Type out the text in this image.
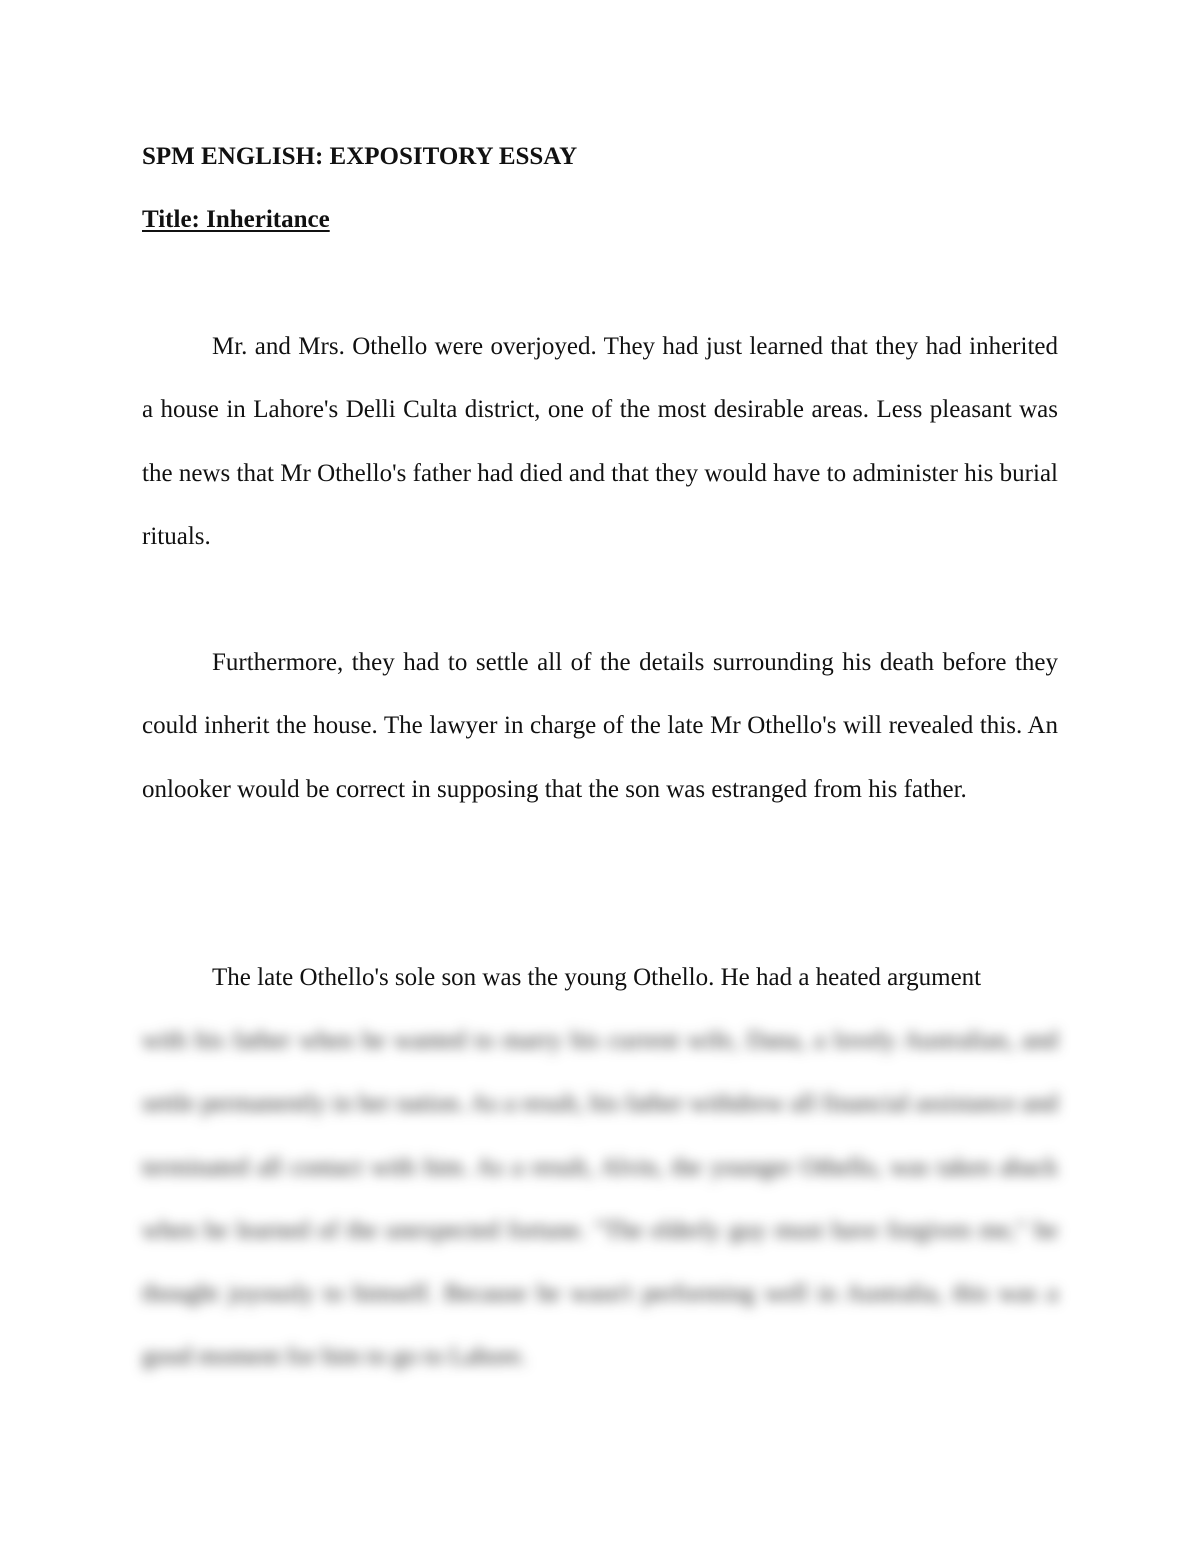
SPM ENGLISH: EXPOSITORY ESSAY
Title: Inheritance

Mr. and Mrs. Othello were overjoyed. They had just learned that they had inherited a house in Lahore's Delli Culta district, one of the most desirable areas. Less pleasant was the news that Mr Othello's father had died and that they would have to administer his burial rituals.

Furthermore, they had to settle all of the details surrounding his death before they could inherit the house. The lawyer in charge of the late Mr Othello's will revealed this. An onlooker would be correct in supposing that the son was estranged from his father.

The late Othello's sole son was the young Othello. He had a heated argument

with his father when he wanted to marry his current wife, Dana, a lovely Australian, and settle permanently in her nation. As a result, his father withdrew all financial assistance and terminated all contact with him. As a result, Alvin, the younger Othello, was taken aback when he learned of the unexpected fortune. "The elderly guy must have forgiven me," he thought joyously to himself. Because he wasn't performing well in Australia, this was a good moment for him to go to Lahore.
